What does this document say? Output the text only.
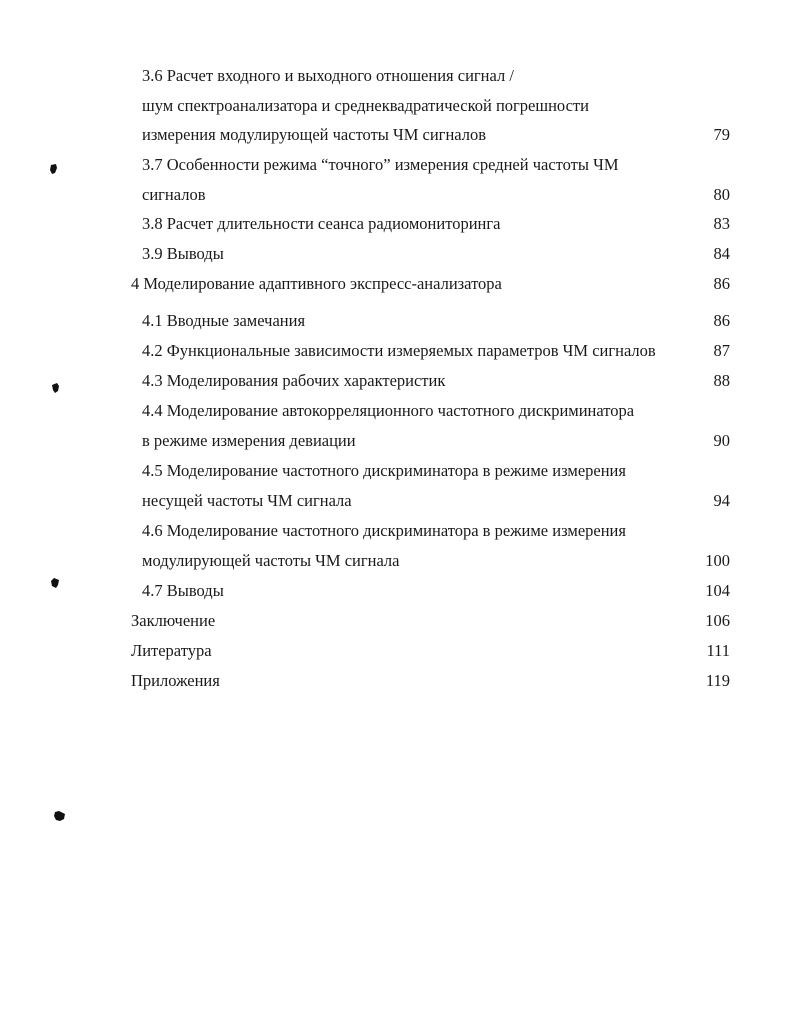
3.6 Расчет входного и выходного отношения сигнал /
шум спектроанализатора и среднеквадратической погрешности
измерения модулирующей частоты ЧМ сигналов	79
3.7 Особенности режима “точного” измерения средней частоты ЧМ
сигналов	80
3.8 Расчет длительности сеанса радиомониторинга	83
3.9 Выводы	84
4 Моделирование адаптивного экспресс-анализатора	86
4.1 Вводные замечания	86
4.2 Функциональные зависимости измеряемых параметров ЧМ сигналов	87
4.3 Моделирования рабочих характеристик	88
4.4 Моделирование автокорреляционного частотного дискриминатора
в режиме измерения девиации	90
4.5 Моделирование частотного дискриминатора в режиме измерения
несущей частоты ЧМ сигнала	94
4.6 Моделирование частотного дискриминатора в режиме измерения
модулирующей частоты ЧМ сигнала	100
4.7 Выводы	104
Заключение	106
Литература	111
Приложения	119
